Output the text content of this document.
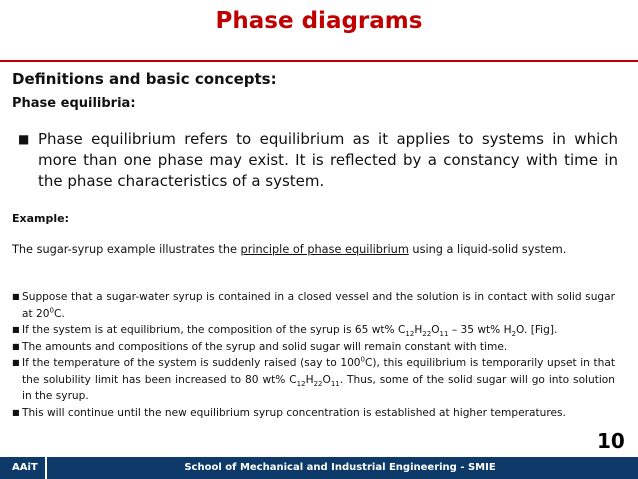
Phase diagrams
Definitions and basic concepts:
Phase equilibria:
■ Phase equilibrium refers to equilibrium as it applies to systems in which more than one phase may exist. It is reflected by a constancy with time in the phase characteristics of a system.
Example:
The sugar-syrup example illustrates the principle of phase equilibrium using a liquid-solid system.
■ Suppose that a sugar-water syrup is contained in a closed vessel and the solution is in contact with solid sugar at $20^0C$.
■ If the system is at equilibrium, the composition of the syrup is 65 wt% $C_{12}H_{22}O_{11} - 35$ wt% $H_2O$. [Fig].
■ The amounts and compositions of the syrup and solid sugar will remain constant with time.
■ If the temperature of the system is suddenly raised (say to $100^0C$), this equilibrium is temporarily upset in that the solubility limit has been increased to 80 wt% $C_{12}H_{22}O_{11}$. Thus, some of the solid sugar will go into solution in the syrup.
■ This will continue until the new equilibrium syrup concentration is established at higher temperatures.
10
AAiT	School of Mechanical and Industrial Engineering - SMIE
